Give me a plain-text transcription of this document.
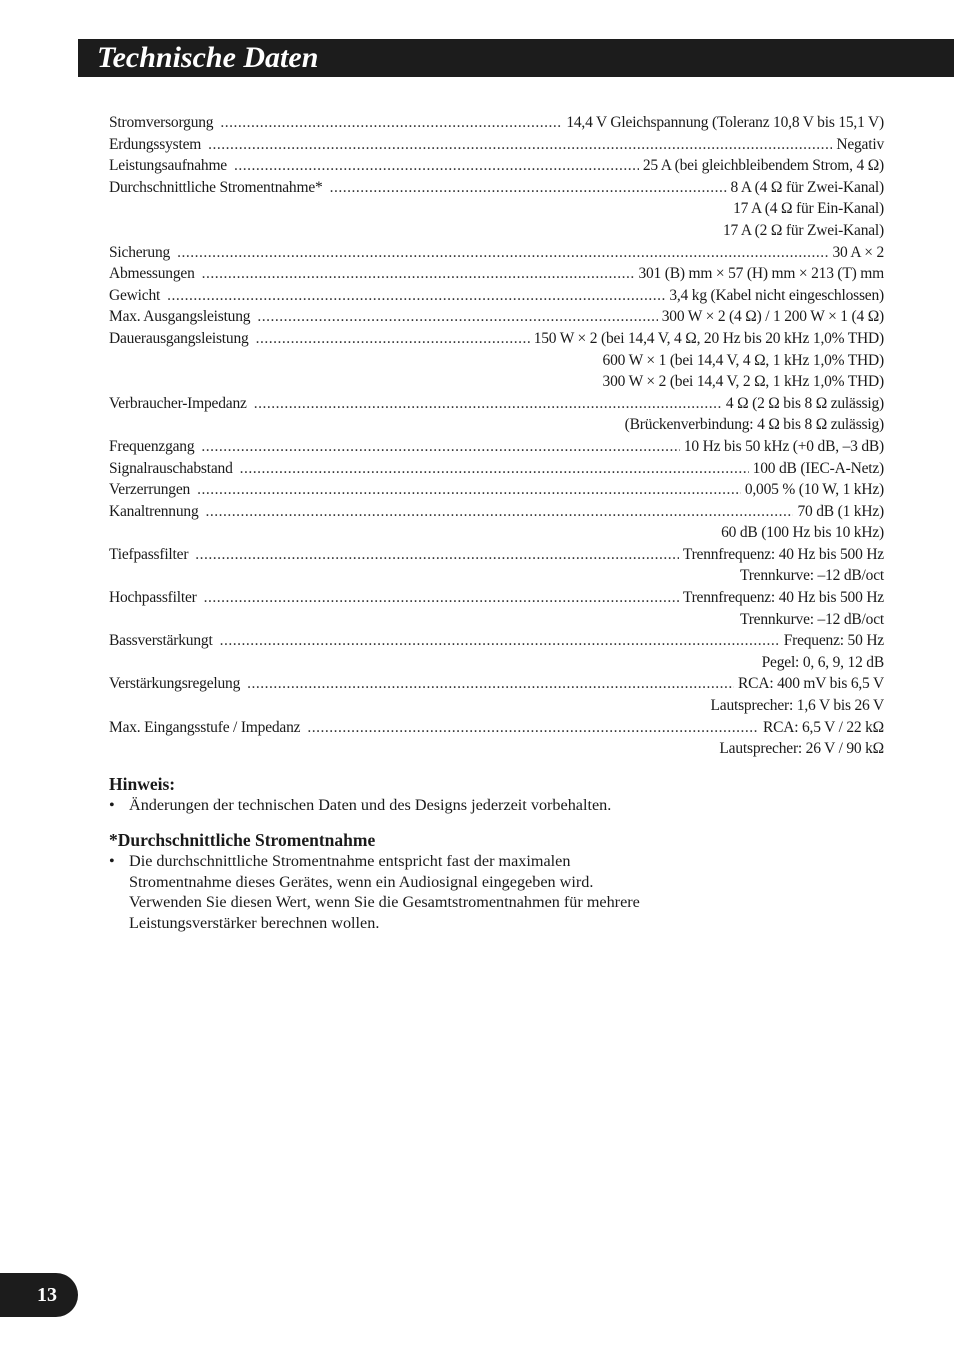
Technische Daten
Stromversorgung .....	14,4 V Gleichspannung (Toleranz 10,8 V bis 15,1 V)
Erdungssystem .....	Negativ
Leistungsaufnahme .....	25 A (bei gleichbleibendem Strom, 4 Ω)
Durchschnittliche Stromentnahme* .....	8 A (4 Ω für Zwei-Kanal)
17 A (4 Ω für Ein-Kanal)
17 A (2 Ω für Zwei-Kanal)
Sicherung .....	30 A × 2
Abmessungen .....	301 (B) mm × 57 (H) mm × 213 (T) mm
Gewicht .....	3,4 kg (Kabel nicht eingeschlossen)
Max. Ausgangsleistung .....	300 W × 2 (4 Ω) / 1 200 W × 1 (4 Ω)
Dauerausgangsleistung .....	150 W × 2 (bei 14,4 V, 4 Ω, 20 Hz bis 20 kHz 1,0% THD)
600 W × 1 (bei 14,4 V, 4 Ω, 1 kHz 1,0% THD)
300 W × 2 (bei 14,4 V, 2 Ω, 1 kHz 1,0% THD)
Verbraucher-Impedanz .....	4 Ω (2 Ω bis 8 Ω zulässig)
(Brückenverbindung: 4 Ω bis 8 Ω zulässig)
Frequenzgang .....	10 Hz bis 50 kHz (+0 dB, –3 dB)
Signalrauschabstand .....	100 dB (IEC-A-Netz)
Verzerrungen .....	0,005 % (10 W, 1 kHz)
Kanaltrennung .....	70 dB (1 kHz)
60 dB (100 Hz bis 10 kHz)
Tiefpassfilter .....	Trennfrequenz: 40 Hz bis 500 Hz
Trennkurve: –12 dB/oct
Hochpassfilter .....	Trennfrequenz: 40 Hz bis 500 Hz
Trennkurve: –12 dB/oct
Bassverstärkungt .....	Frequenz: 50 Hz
Pegel: 0, 6, 9, 12 dB
Verstärkungsregelung .....	RCA: 400 mV bis 6,5 V
Lautsprecher: 1,6 V bis 26 V
Max. Eingangsstufe / Impedanz .....	RCA: 6,5 V / 22 kΩ
Lautsprecher: 26 V / 90 kΩ
Hinweis:
• Änderungen der technischen Daten und des Designs jederzeit vorbehalten.
*Durchschnittliche Stromentnahme
• Die durchschnittliche Stromentnahme entspricht fast der maximalen
Stromentnahme dieses Gerätes, wenn ein Audiosignal eingegeben wird.
Verwenden Sie diesen Wert, wenn Sie die Gesamtstromentnahmen für mehrere
Leistungsverstärker berechnen wollen.
13
